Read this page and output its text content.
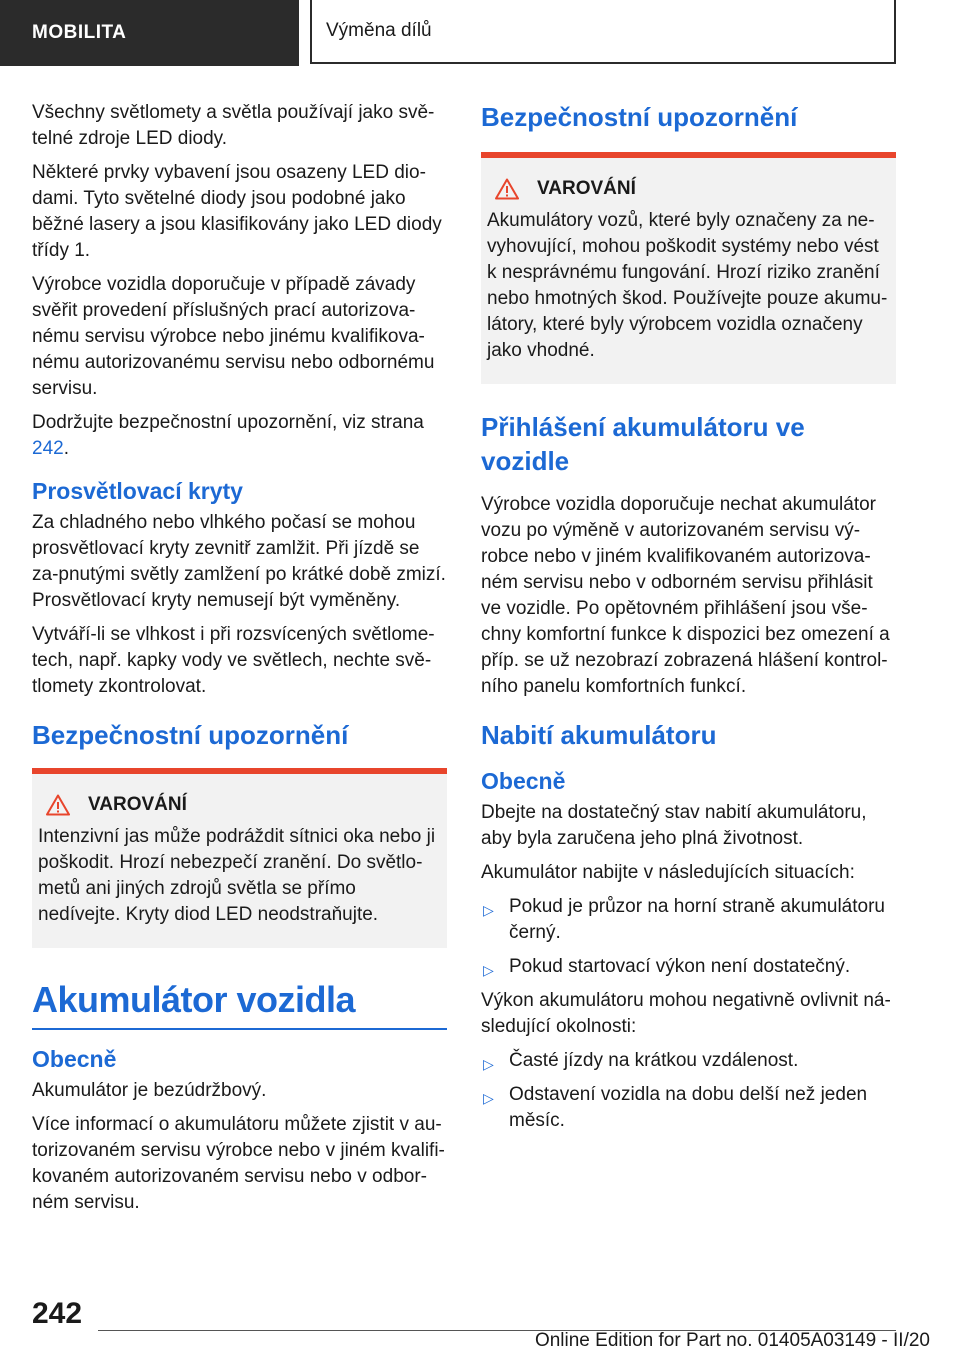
MOBILITA	Výměna dílů

Všechny světlomety a světla používají jako svě‐telné zdroje LED diody.

Některé prvky vybavení jsou osazeny LED dio‐dami. Tyto světelné diody jsou podobné jako běžné lasery a jsou klasifikovány jako LED diody třídy 1.

Výrobce vozidla doporučuje v případě závady svěřit provedení příslušných prací autorizova‐nému servisu výrobce nebo jinému kvalifikova‐nému autorizovanému servisu nebo odbornému servisu.

Dodržujte bezpečnostní upozornění, viz strana 242.

Prosvětlovací kryty

Za chladného nebo vlhkého počasí se mohou prosvětlovací kryty zevnitř zamlžit. Při jízdě se za‐pnutými světly zamlžení po krátké době zmizí. Prosvětlovací kryty nemusejí být vyměněny.

Vytváří-li se vlhkost i při rozsvícených světlome‐tech, např. kapky vody ve světlech, nechte svě‐tlomety zkontrolovat.

Bezpečnostní upozornění
VAROVÁNÍ

Intenzivní jas může podráždit sítnici oka nebo ji poškodit. Hrozí nebezpečí zranění. Do světlo‐metů ani jiných zdrojů světla se přímo nedívejte. Kryty diod LED neodstraňujte.

Akumulátor vozidla
Obecně

Akumulátor je bezúdržbový.

Více informací o akumulátoru můžete zjistit v au‐torizovaném servisu výrobce nebo v jiném kvalifi‐kovaném autorizovaném servisu nebo v odbor‐ném servisu.

Bezpečnostní upozornění
VAROVÁNÍ

Akumulátory vozů, které byly označeny za ne‐vyhovující, mohou poškodit systémy nebo vést k nesprávnému fungování. Hrozí riziko zranění nebo hmotných škod. Používejte pouze akumu‐látory, které byly výrobcem vozidla označeny jako vhodné.

Přihlášení akumulátoru ve vozidle

Výrobce vozidla doporučuje nechat akumulátor vozu po výměně v autorizovaném servisu vý‐robce nebo v jiném kvalifikovaném autorizova‐ném servisu nebo v odborném servisu přihlásit ve vozidle. Po opětovném přihlášení jsou vše‐chny komfortní funkce k dispozici bez omezení a příp. se už nezobrazí zobrazená hlášení kontrol‐ního panelu komfortních funkcí.

Nabití akumulátoru
Obecně

Dbejte na dostatečný stav nabití akumulátoru, aby byla zaručena jeho plná životnost.

Akumulátor nabijte v následujících situacích:

▷ Pokud je průzor na horní straně akumulátoru černý.
▷ Pokud startovací výkon není dostatečný.

Výkon akumulátoru mohou negativně ovlivnit ná‐sledující okolnosti:

▷ Časté jízdy na krátkou vzdálenost.
▷ Odstavení vozidla na dobu delší než jeden měsíc.
242
Online Edition for Part no. 01405A03149 - II/20
